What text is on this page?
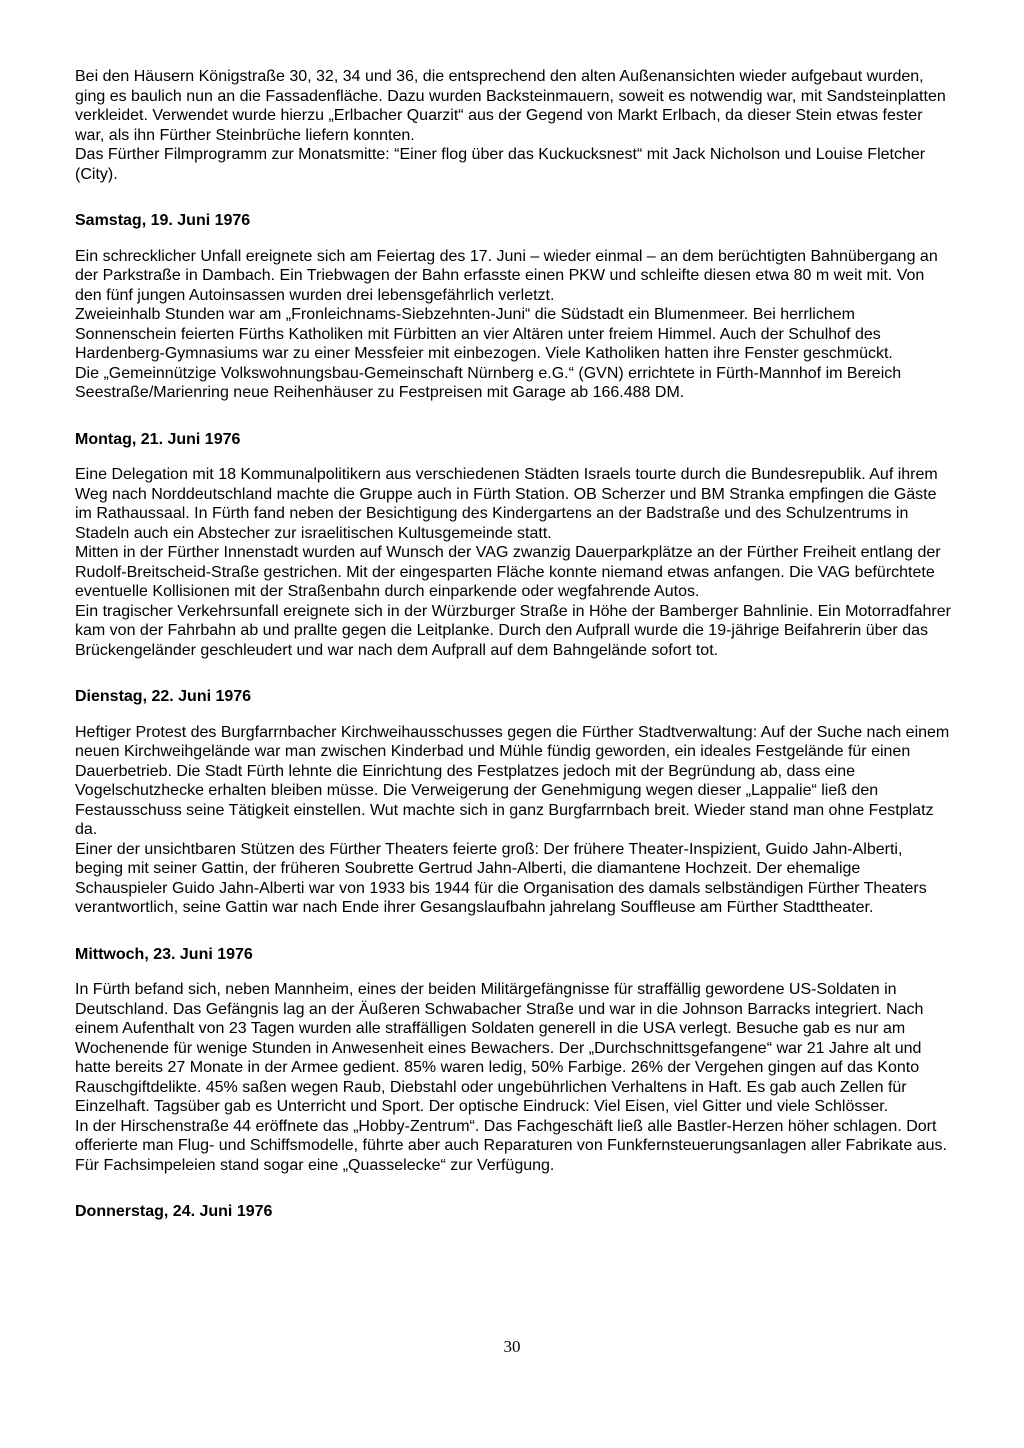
Bei den Häusern Königstraße 30, 32, 34 und 36, die entsprechend den alten Außenansichten wieder aufgebaut wurden, ging es baulich nun an die Fassadenfläche. Dazu wurden Backsteinmauern, soweit es notwendig war, mit Sandsteinplatten verkleidet. Verwendet wurde hierzu „Erlbacher Quarzit“ aus der Gegend von Markt Erlbach, da dieser Stein etwas fester war, als ihn Fürther Steinbrüche liefern konnten.

Das Fürther Filmprogramm zur Monatsmitte: “Einer flog über das Kuckucksnest“ mit Jack Nicholson und Louise Fletcher (City).

Samstag, 19. Juni 1976

Ein schrecklicher Unfall ereignete sich am Feiertag des 17. Juni – wieder einmal – an dem berüchtigten Bahnübergang an der Parkstraße in Dambach. Ein Triebwagen der Bahn erfasste einen PKW und schleifte diesen etwa 80 m weit mit. Von den fünf jungen Autoinsassen wurden drei lebensgefährlich verletzt.

Zweieinhalb Stunden war am „Fronleichnams-Siebzehnten-Juni“ die Südstadt ein Blumenmeer. Bei herrlichem Sonnenschein feierten Fürths Katholiken mit Fürbitten an vier Altären unter freiem Himmel. Auch der Schulhof des Hardenberg-Gymnasiums war zu einer Messfeier mit einbezogen. Viele Katholiken hatten ihre Fenster geschmückt.

Die „Gemeinnützige Volkswohnungsbau-Gemeinschaft Nürnberg e.G.“ (GVN) errichtete in Fürth-Mannhof im Bereich Seestraße/Marienring neue Reihenhäuser zu Festpreisen mit Garage ab 166.488 DM.

Montag, 21. Juni 1976

Eine Delegation mit 18 Kommunalpolitikern aus verschiedenen Städten Israels tourte durch die Bundesrepublik. Auf ihrem Weg nach Norddeutschland machte die Gruppe auch in Fürth Station. OB Scherzer und BM Stranka empfingen die Gäste im Rathaussaal. In Fürth fand neben der Besichtigung des Kindergartens an der Badstraße und des Schulzentrums in Stadeln auch ein Abstecher zur israelitischen Kultusgemeinde statt.

Mitten in der Fürther Innenstadt wurden auf Wunsch der VAG zwanzig Dauerparkplätze an der Fürther Freiheit entlang der Rudolf-Breitscheid-Straße gestrichen. Mit der eingesparten Fläche konnte niemand etwas anfangen. Die VAG befürchtete eventuelle Kollisionen mit der Straßenbahn durch einparkende oder wegfahrende Autos.

Ein tragischer Verkehrsunfall ereignete sich in der Würzburger Straße in Höhe der Bamberger Bahnlinie. Ein Motorradfahrer kam von der Fahrbahn ab und prallte gegen die Leitplanke. Durch den Aufprall wurde die 19-jährige Beifahrerin über das Brückengeländer geschleudert und war nach dem Aufprall auf dem Bahngelände sofort tot.

Dienstag, 22. Juni 1976

Heftiger Protest des Burgfarrnbacher Kirchweihausschusses gegen die Fürther Stadtverwaltung: Auf der Suche nach einem neuen Kirchweihgelände war man zwischen Kinderbad und Mühle fündig geworden, ein ideales Festgelände für einen Dauerbetrieb. Die Stadt Fürth lehnte die Einrichtung des Festplatzes jedoch mit der Begründung ab, dass eine Vogelschutzhecke erhalten bleiben müsse. Die Verweigerung der Genehmigung wegen dieser „Lappalie“ ließ den Festausschuss seine Tätigkeit einstellen. Wut machte sich in ganz Burgfarrnbach breit. Wieder stand man ohne Festplatz da.

Einer der unsichtbaren Stützen des Fürther Theaters feierte groß: Der frühere Theater-Inspizient, Guido Jahn-Alberti, beging mit seiner Gattin, der früheren Soubrette Gertrud Jahn-Alberti, die diamantene Hochzeit. Der ehemalige Schauspieler Guido Jahn-Alberti war von 1933 bis 1944 für die Organisation des damals selbständigen Fürther Theaters verantwortlich, seine Gattin war nach Ende ihrer Gesangslaufbahn jahrelang Souffleuse am Fürther Stadttheater.

Mittwoch, 23. Juni 1976

In Fürth befand sich, neben Mannheim, eines der beiden Militärgefängnisse für straffällig gewordene US-Soldaten in Deutschland. Das Gefängnis lag an der Äußeren Schwabacher Straße und war in die Johnson Barracks integriert. Nach einem Aufenthalt von 23 Tagen wurden alle straffälligen Soldaten generell in die USA verlegt. Besuche gab es nur am Wochenende für wenige Stunden in Anwesenheit eines Bewachers. Der „Durchschnittsgefangene“ war 21 Jahre alt und hatte bereits 27 Monate in der Armee gedient. 85% waren ledig, 50% Farbige. 26% der Vergehen gingen auf das Konto Rauschgiftdelikte. 45% saßen wegen Raub, Diebstahl oder ungebührlichen Verhaltens in Haft. Es gab auch Zellen für Einzelhaft. Tagsüber gab es Unterricht und Sport. Der optische Eindruck: Viel Eisen, viel Gitter und viele Schlösser.

In der Hirschenstraße 44 eröffnete das „Hobby-Zentrum“. Das Fachgeschäft ließ alle Bastler-Herzen höher schlagen. Dort offerierte man Flug- und Schiffsmodelle, führte aber auch Reparaturen von Funkfernsteuerungsanlagen aller Fabrikate aus. Für Fachsimpeleien stand sogar eine „Quasselecke“ zur Verfügung.

Donnerstag, 24. Juni 1976
30
